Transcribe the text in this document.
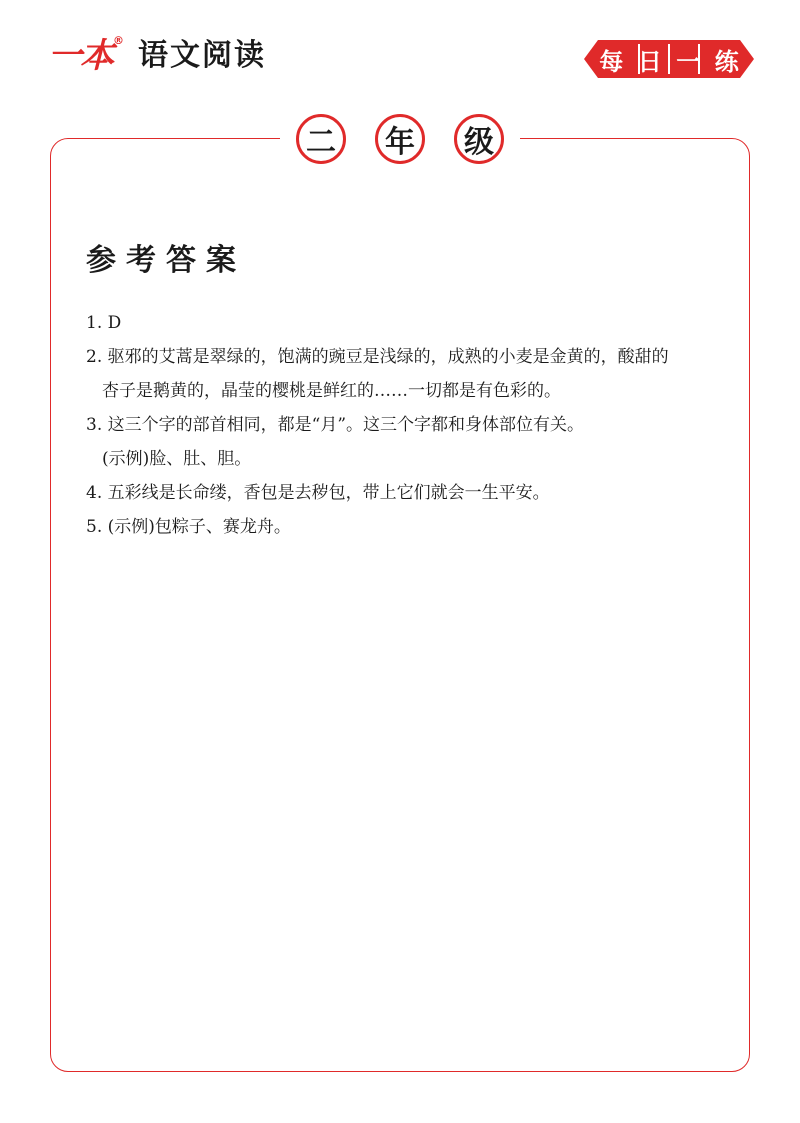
一本 ® 语文阅读	每 日 一 练
二	年	级
参考答案
1. D
2. 驱邪的艾蒿是翠绿的，饱满的豌豆是浅绿的，成熟的小麦是金黄的，酸甜的
杏子是鹅黄的，晶莹的樱桃是鲜红的……一切都是有色彩的。
3. 这三个字的部首相同，都是“月”。这三个字都和身体部位有关。
(示例)脸、肚、胆。
4. 五彩线是长命缕，香包是去秽包，带上它们就会一生平安。
5. (示例)包粽子、赛龙舟。
